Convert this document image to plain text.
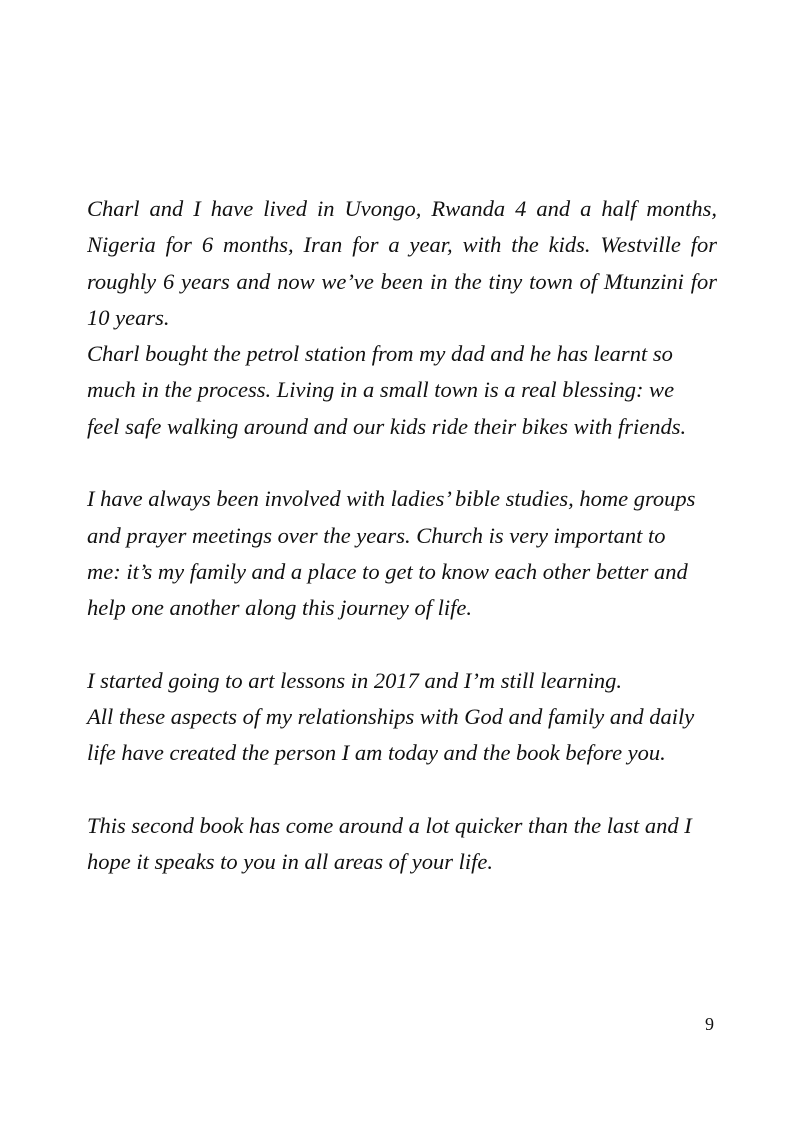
Charl and I have lived in Uvongo, Rwanda 4 and a half months,
Nigeria for 6 months, Iran for a year, with the kids. Westville for
roughly 6 years and now we’ve been in the tiny town of Mtunzini for
10 years.
Charl bought the petrol station from my dad and he has learnt so
much in the process. Living in a small town is a real blessing: we
feel safe walking around and our kids ride their bikes with friends.
I have always been involved with ladies’ bible studies, home groups
and prayer meetings over the years. Church is very important to
me: it’s my family and a place to get to know each other better and
help one another along this journey of life.
I started going to art lessons in 2017 and I’m still learning.
All these aspects of my relationships with God and family and daily
life have created the person I am today and the book before you.
This second book has come around a lot quicker than the last and I
hope it speaks to you in all areas of your life.
9
